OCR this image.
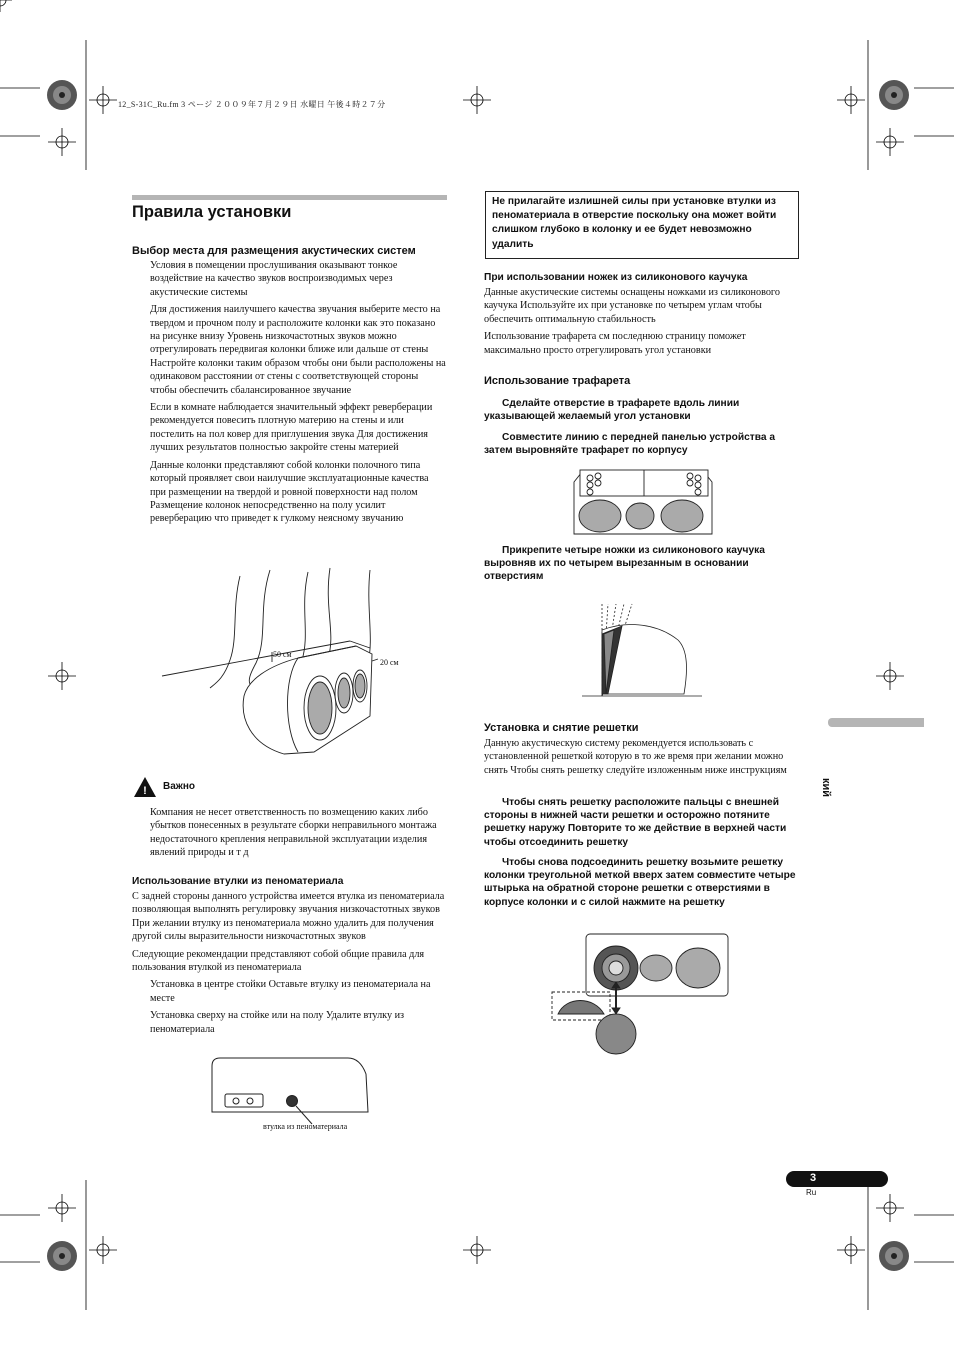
12_S-31C_Ru.fm 3 ページ ２００９年７月２９日 水曜日 午後４時２７分
Правила установки
Выбор места для размещения акустических систем

Условия в помещении прослушивания оказывают тонкое воздействие на качество звуков воспроизводимых через акустические системы

Для достижения наилучшего качества звучания выберите место на твердом и прочном полу и расположите колонки как это показано на рисунке внизу Уровень низкочастотных звуков можно отрегулировать передвигая колонки ближе или дальше от стены Настройте колонки таким образом чтобы они были расположены на одинаковом расстоянии от стены с соответствующей стороны чтобы обеспечить сбалансированное звучание

Если в комнате наблюдается значительный эффект реверберации рекомендуется повесить плотную материю на стены и или постелить на пол ковер для приглушения звука Для достижения лучших результатов полностью закройте стены материей

Данные колонки представляют собой колонки полочного типа который проявляет свои наилучшие эксплуатационные качества при размещении на твердой и ровной поверхности над полом Размещение колонок непосредственно на полу усилит реверберацию что приведет к гулкому неясному звучанию

50 см
20 см
! Важно

Компания не несет ответственность по возмещению каких либо убытков понесенных в результате сборки неправильного монтажа недостаточного крепления неправильной эксплуатации изделия явлений природы и т д

Использование втулки из пеноматериала

С задней стороны данного устройства имеется втулка из пеноматериала позволяющая выполнять регулировку звучания низкочастотных звуков При желании втулку из пеноматериала можно удалить для получения другой силы выразительности низкочастотных звуков

Следующие рекомендации представляют собой общие правила для пользования втулкой из пеноматериала

Установка в центре стойки Оставьте втулку из пеноматериала на месте

Установка сверху на стойке или на полу Удалите втулку из пеноматериала

втулка из пеноматериала

Не прилагайте излишней силы при установке втулки из пеноматериала в отверстие поскольку она может войти слишком глубоко в колонку и ее будет невозможно удалить

При использовании ножек из силиконового каучука

Данные акустические системы оснащены ножками из силиконового каучука Используйте их при установке по четырем углам чтобы обеспечить оптимальную стабильность

Использование трафарета см последнюю страницу поможет максимально просто отрегулировать угол установки

Использование трафарета

Сделайте отверстие в трафарете вдоль линии указывающей желаемый угол установки

Совместите линию с передней панелью устройства а затем выровняйте трафарет по корпусу

Прикрепите четыре ножки из силиконового каучука выровняв их по четырем вырезанным в основании отверстиям

Установка и снятие решетки

Данную акустическую систему рекомендуется использовать с установленной решеткой которую в то же время при желании можно снять Чтобы снять решетку следуйте изложенным ниже инструкциям

Чтобы снять решетку расположите пальцы с внешней стороны в нижней части решетки и осторожно потяните решетку наружу Повторите то же действие в верхней части чтобы отсоединить решетку

Чтобы снова подсоединить решетку возьмите решетку колонки треугольной меткой вверх затем совместите четыре штырька на обратной стороне решетки с отверстиями в корпусе колонки и с силой нажмите на решетку

кий
3
Ru
